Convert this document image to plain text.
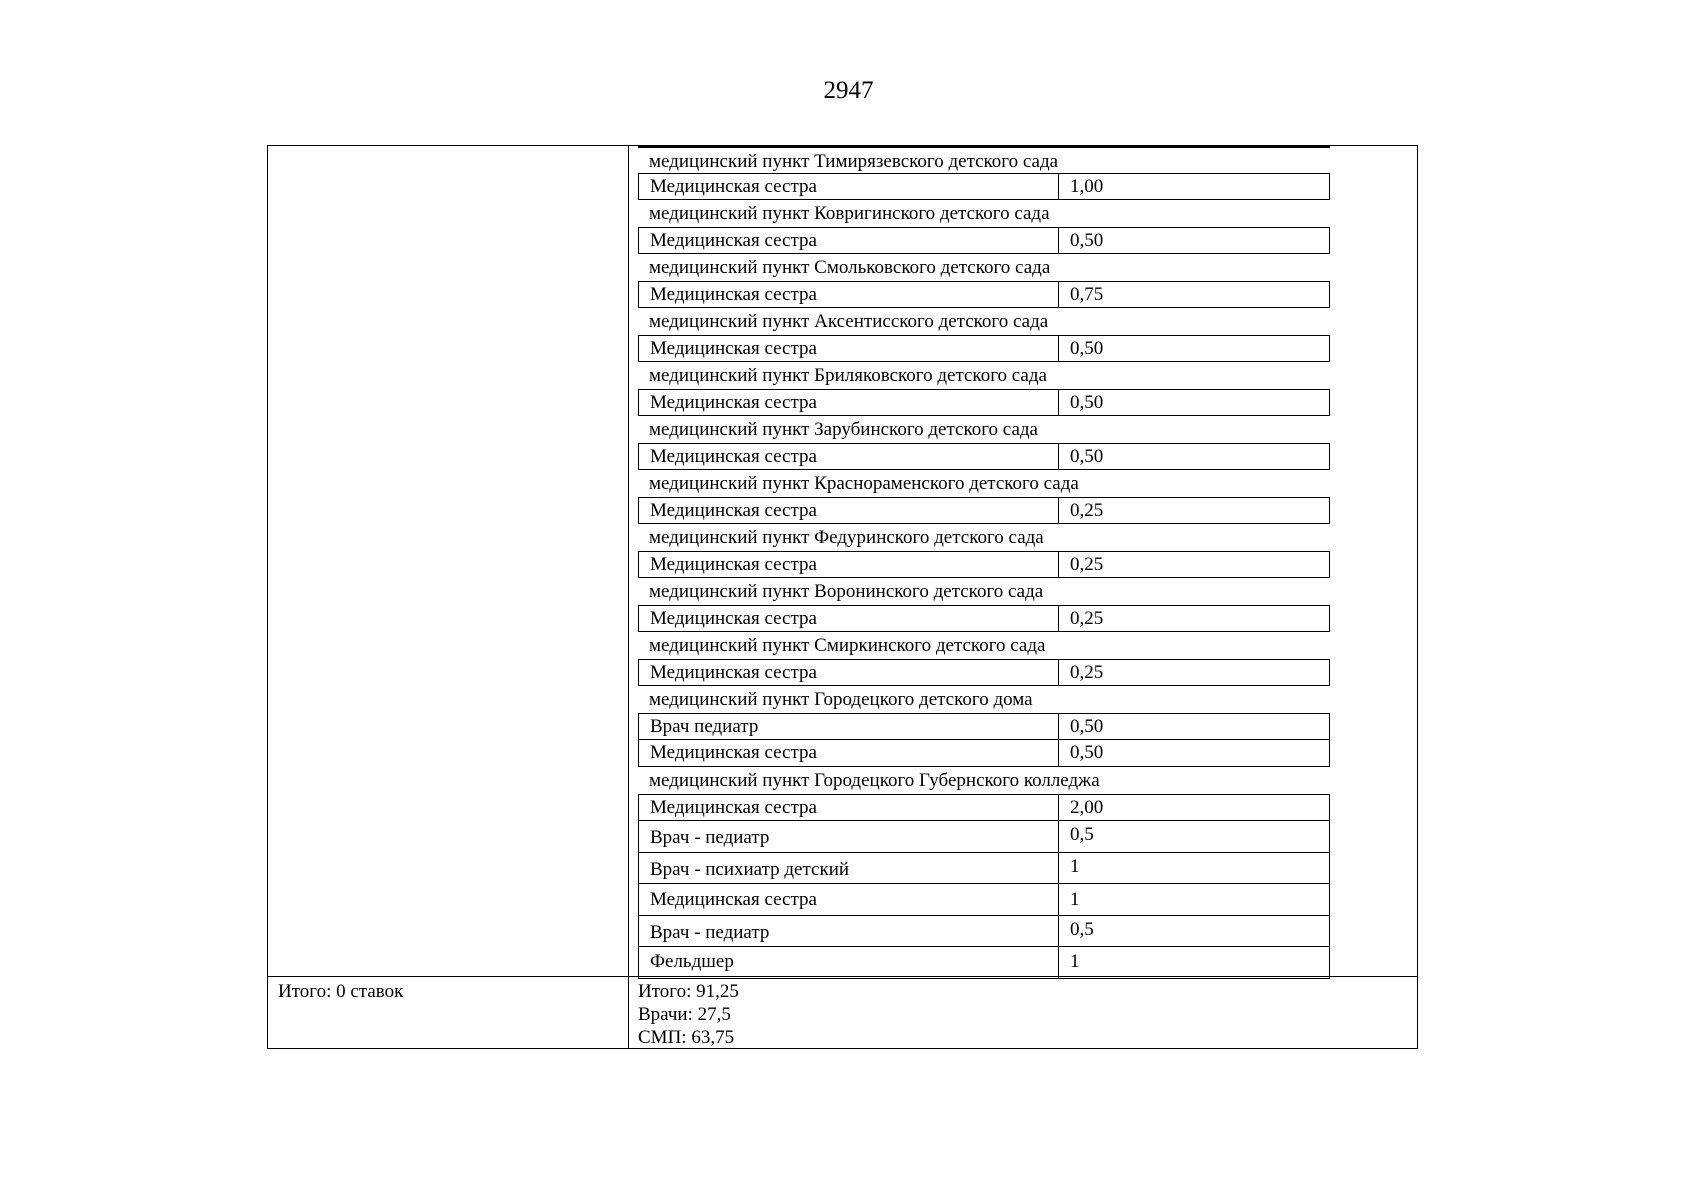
2947
медицинский пункт Тимирязевского детского сада
Медицинская сестра	1,00
медицинский пункт Ковригинского детского сада
Медицинская сестра	0,50
медицинский пункт Смольковского детского сада
Медицинская сестра	0,75
медицинский пункт Аксентисского детского сада
Медицинская сестра	0,50
медицинский пункт Бриляковского детского сада
Медицинская сестра	0,50
медицинский пункт Зарубинского детского сада
Медицинская сестра	0,50
медицинский пункт Краснораменского детского сада
Медицинская сестра	0,25
медицинский пункт Федуринского детского сада
Медицинская сестра	0,25
медицинский пункт Воронинского детского сада
Медицинская сестра	0,25
медицинский пункт Смиркинского детского сада
Медицинская сестра	0,25
медицинский пункт Городецкого детского дома
Врач педиатр	0,50
Медицинская сестра	0,50
медицинский пункт Городецкого Губернского колледжа
Медицинская сестра	2,00
Врач - педиатр	0,5
Врач - психиатр детский	1
Медицинская сестра	1
Врач - педиатр	0,5
Фельдшер	1
Итого: 0 ставок	Итого: 91,25
Врачи: 27,5
СМП: 63,75
